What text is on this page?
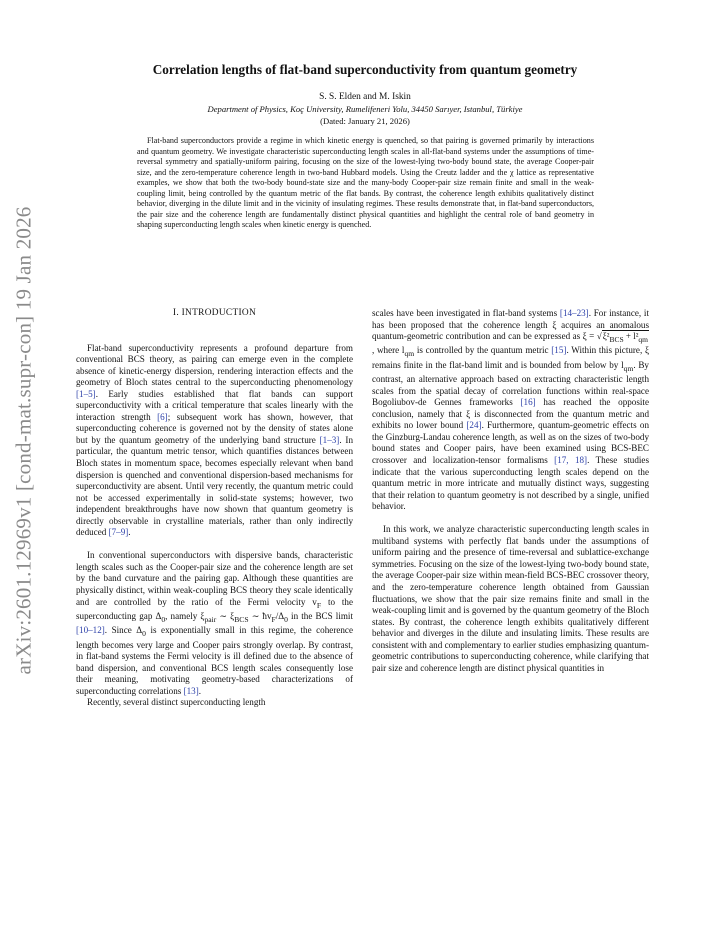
arXiv:2601.12969v1 [cond-mat.supr-con] 19 Jan 2026
Correlation lengths of flat-band superconductivity from quantum geometry
S. S. Elden and M. Iskin
Department of Physics, Koç University, Rumelifeneri Yolu, 34450 Sarıyer, Istanbul, Türkiye
(Dated: January 21, 2026)

Flat-band superconductors provide a regime in which kinetic energy is quenched, so that pairing is governed primarily by interactions and quantum geometry. We investigate characteristic superconducting length scales in all-flat-band systems under the assumptions of time-reversal symmetry and spatially-uniform pairing, focusing on the size of the lowest-lying two-body bound state, the average Cooper-pair size, and the zero-temperature coherence length in two-band Hubbard models. Using the Creutz ladder and the χ lattice as representative examples, we show that both the two-body bound-state size and the many-body Cooper-pair size remain finite and small in the weak-coupling limit, being controlled by the quantum metric of the flat bands. By contrast, the coherence length exhibits qualitatively distinct behavior, diverging in the dilute limit and in the vicinity of insulating regimes. These results demonstrate that, in flat-band superconductors, the pair size and the coherence length are fundamentally distinct physical quantities and highlight the central role of band geometry in shaping superconducting length scales when kinetic energy is quenched.

I. INTRODUCTION

Flat-band superconductivity represents a profound departure from conventional BCS theory, as pairing can emerge even in the complete absence of kinetic-energy dispersion, rendering interaction effects and the geometry of Bloch states central to the superconducting phenomenology [1–5]. Early studies established that flat bands can support superconductivity with a critical temperature that scales linearly with the interaction strength [6]; subsequent work has shown, however, that superconducting coherence is governed not by the density of states alone but by the quantum geometry of the underlying band structure [1–3]. In particular, the quantum metric tensor, which quantifies distances between Bloch states in momentum space, becomes especially relevant when band dispersion is quenched and conventional dispersion-based mechanisms for superconductivity are absent. Until very recently, the quantum metric could not be accessed experimentally in solid-state systems; however, two independent breakthroughs have now shown that quantum geometry is directly observable in crystalline materials, rather than only indirectly deduced [7–9].

In conventional superconductors with dispersive bands, characteristic length scales such as the Cooper-pair size and the coherence length are set by the band curvature and the pairing gap. Although these quantities are physically distinct, within weak-coupling BCS theory they scale identically and are controlled by the ratio of the Fermi velocity $v_F$ to the superconducting gap $\Delta_0$, namely $\xi_{pair}$ ∼ $\xi_{BCS}$ ∼ $ħv_F/\Delta_0$ in the BCS limit [10–12]. Since $\Delta_0$ is exponentially small in this regime, the coherence length becomes very large and Cooper pairs strongly overlap. By contrast, in flat-band systems the Fermi velocity is ill defined due to the absence of band dispersion, and conventional BCS length scales consequently lose their meaning, motivating geometry-based characterizations of superconducting correlations [13].

Recently, several distinct superconducting length

scales have been investigated in flat-band systems [14–23]. For instance, it has been proposed that the coherence length ξ acquires an anomalous quantum-geometric contribution and can be expressed as $\xi = √\xi^2_{BCS} + l^2_{qm}$, where $l_{qm}$ is controlled by the quantum metric [15]. Within this picture, ξ remains finite in the flat-band limit and is bounded from below by $l_{qm}$. By contrast, an alternative approach based on extracting characteristic length scales from the spatial decay of correlation functions within real-space Bogoliubov-de Gennes frameworks [16] has reached the opposite conclusion, namely that ξ is disconnected from the quantum metric and exhibits no lower bound [24]. Furthermore, quantum-geometric effects on the Ginzburg-Landau coherence length, as well as on the sizes of two-body bound states and Cooper pairs, have been examined using BCS-BEC crossover and localization-tensor formalisms [17, 18]. These studies indicate that the various superconducting length scales depend on the quantum metric in more intricate and mutually distinct ways, suggesting that their relation to quantum geometry is not described by a single, unified behavior.

In this work, we analyze characteristic superconducting length scales in multiband systems with perfectly flat bands under the assumptions of uniform pairing and the presence of time-reversal and sublattice-exchange symmetries. Focusing on the size of the lowest-lying two-body bound state, the average Cooper-pair size within mean-field BCS-BEC crossover theory, and the zero-temperature coherence length obtained from Gaussian fluctuations, we show that the pair size remains finite and small in the weak-coupling limit and is governed by the quantum geometry of the Bloch states. By contrast, the coherence length exhibits qualitatively different behavior and diverges in the dilute and insulating limits. These results are consistent with and complementary to earlier studies emphasizing quantum-geometric contributions to superconducting coherence, while clarifying that pair size and coherence length are distinct physical quantities in
